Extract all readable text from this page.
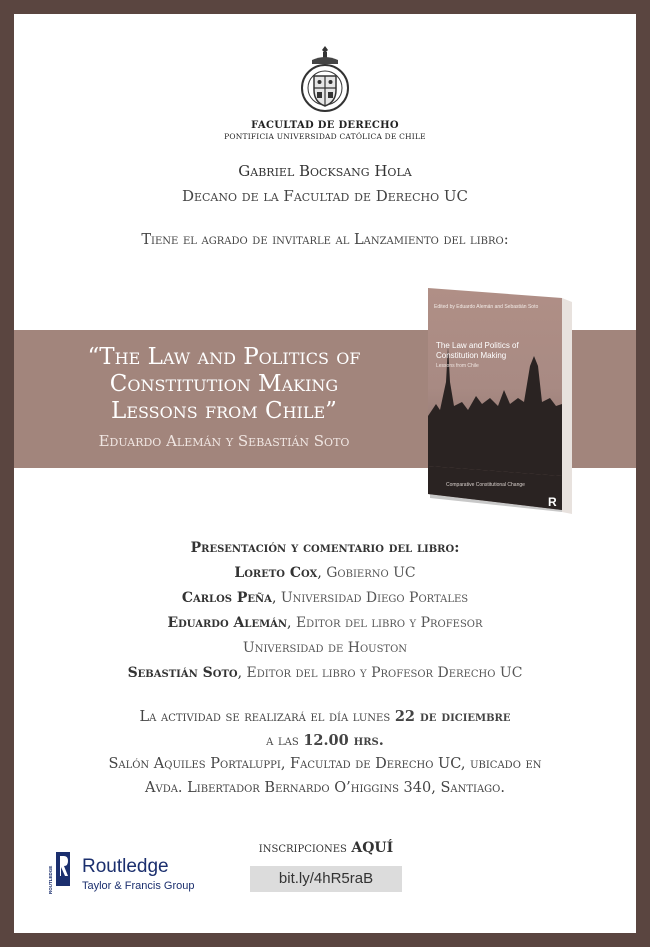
FACULTAD DE DERECHO
PONTIFICIA UNIVERSIDAD CATÓLICA DE CHILE
Gabriel Bocksang Hola
Decano de la Facultad de Derecho UC
Tiene el agrado de invitarle al Lanzamiento del libro:
“The Law and Politics of
Constitution Making
Lessons from Chile”
Eduardo Alemán y Sebastián Soto
Edited by Eduardo Alemán and Sebastián Soto
The Law and Politics of
Constitution Making
Lessons from Chile
Comparative Constitutional Change
R
Presentación y comentario del libro:
Loreto Cox, Gobierno UC
Carlos Peña, Universidad Diego Portales
Eduardo Alemán, Editor del libro y Profesor
Universidad de Houston
Sebastián Soto, Editor del libro y Profesor Derecho UC
La actividad se realizará el día lunes 22 de diciembre
a las 12.00 hrs.
Salón Aquiles Portaluppi, Facultad de Derecho UC, ubicado en
Avda. Libertador Bernardo O’higgins 340, Santiago.
ROUTLEDGE Routledge
Taylor & Francis Group
inscripciones AQUÍ
bit.ly/4hR5raB
